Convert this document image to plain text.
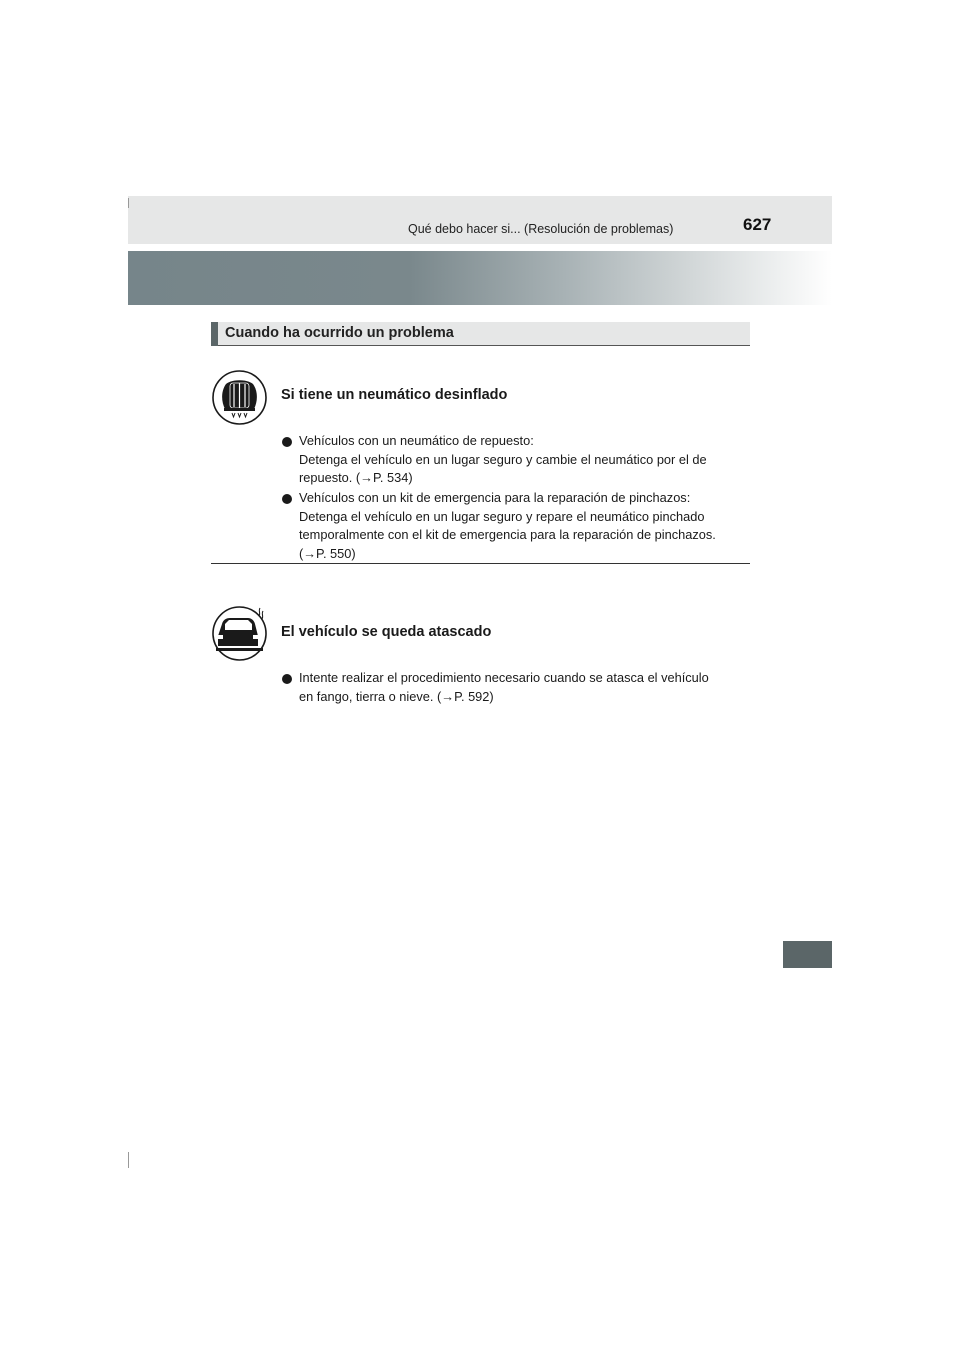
Qué debo hacer si... (Resolución de problemas)	627
Cuando ha ocurrido un problema
Si tiene un neumático desinflado
Vehículos con un neumático de repuesto:
Detenga el vehículo en un lugar seguro y cambie el neumático por el de
repuesto. (→P. 534)
Vehículos con un kit de emergencia para la reparación de pinchazos:
Detenga el vehículo en un lugar seguro y repare el neumático pinchado
temporalmente con el kit de emergencia para la reparación de pinchazos.
(→P. 550)
El vehículo se queda atascado
Intente realizar el procedimiento necesario cuando se atasca el vehículo
en fango, tierra o nieve. (→P. 592)
